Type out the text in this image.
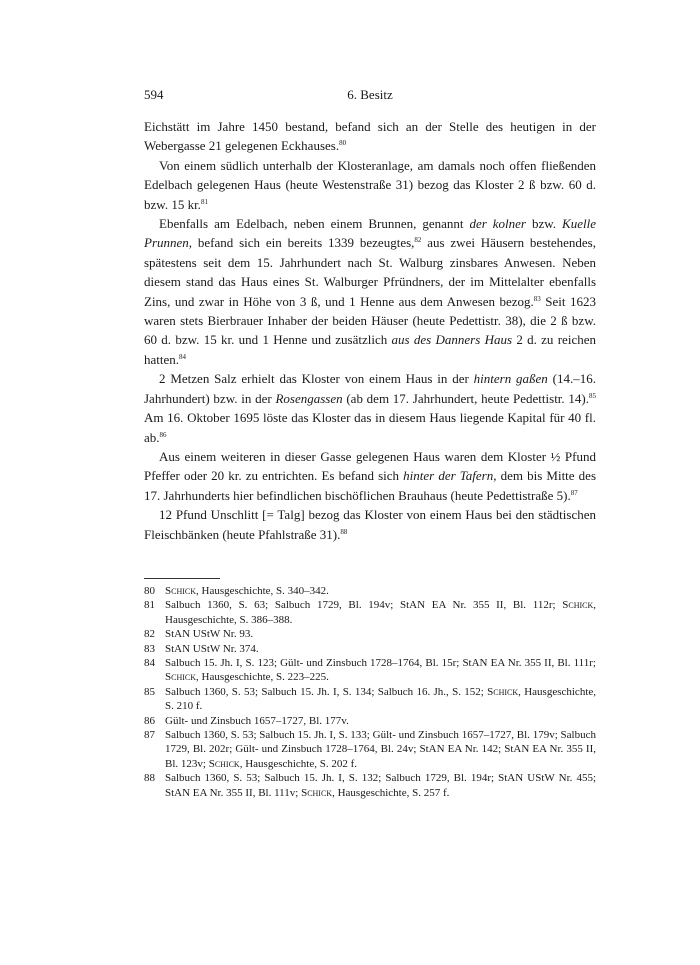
594	6. Besitz

Eichstätt im Jahre 1450 bestand, befand sich an der Stelle des heutigen in der Webergasse 21 gelegenen Eckhauses.$^{80}$

Von einem südlich unterhalb der Klosteranlage, am damals noch offen fließenden Edelbach gelegenen Haus (heute Westenstraße 31) bezog das Kloster 2 ß bzw. 60 d. bzw. 15 kr.$^{81}$

Ebenfalls am Edelbach, neben einem Brunnen, genannt der kolner bzw. Kuelle Prunnen, befand sich ein bereits 1339 bezeugtes,$^{82}$ aus zwei Häusern bestehendes, spätestens seit dem 15. Jahrhundert nach St. Walburg zinsbares Anwesen. Neben diesem stand das Haus eines St. Walburger Pfründners, der im Mittelalter ebenfalls Zins, und zwar in Höhe von 3 ß, und 1 Henne aus dem Anwesen bezog.$^{83}$ Seit 1623 waren stets Bierbrauer Inhaber der beiden Häuser (heute Pedettistr. 38), die 2 ß bzw. 60 d. bzw. 15 kr. und 1 Henne und zusätzlich aus des Danners Haus 2 d. zu reichen hatten.$^{84}$

2 Metzen Salz erhielt das Kloster von einem Haus in der hintern gaßen (14.–16. Jahrhundert) bzw. in der Rosengassen (ab dem 17. Jahrhundert, heute Pedettistr. 14).$^{85}$ Am 16. Oktober 1695 löste das Kloster das in diesem Haus liegende Kapital für 40 fl. ab.$^{86}$

Aus einem weiteren in dieser Gasse gelegenen Haus waren dem Kloster ½ Pfund Pfeffer oder 20 kr. zu entrichten. Es befand sich hinter der Tafern, dem bis Mitte des 17. Jahrhunderts hier befindlichen bischöflichen Brauhaus (heute Pedettistraße 5).$^{87}$

12 Pfund Unschlitt [= Talg] bezog das Kloster von einem Haus bei den städtischen Fleischbänken (heute Pfahlstraße 31).$^{88}$

80 Schick, Hausgeschichte, S. 340–342.
81 Salbuch 1360, S. 63; Salbuch 1729, Bl. 194v; StAN EA Nr. 355 II, Bl. 112r; Schick, Hausgeschichte, S. 386–388.
82 StAN UStW Nr. 93.
83 StAN UStW Nr. 374.
84 Salbuch 15. Jh. I, S. 123; Gült- und Zinsbuch 1728–1764, Bl. 15r; StAN EA Nr. 355 II, Bl. 111r; Schick, Hausgeschichte, S. 223–225.
85 Salbuch 1360, S. 53; Salbuch 15. Jh. I, S. 134; Salbuch 16. Jh., S. 152; Schick, Hausgeschichte, S. 210 f.
86 Gült- und Zinsbuch 1657–1727, Bl. 177v.
87 Salbuch 1360, S. 53; Salbuch 15. Jh. I, S. 133; Gült- und Zinsbuch 1657–1727, Bl. 179v; Salbuch 1729, Bl. 202r; Gült- und Zinsbuch 1728–1764, Bl. 24v; StAN EA Nr. 142; StAN EA Nr. 355 II, Bl. 123v; Schick, Hausgeschichte, S. 202 f.
88 Salbuch 1360, S. 53; Salbuch 15. Jh. I, S. 132; Salbuch 1729, Bl. 194r; StAN UStW Nr. 455; StAN EA Nr. 355 II, Bl. 111v; Schick, Hausgeschichte, S. 257 f.
